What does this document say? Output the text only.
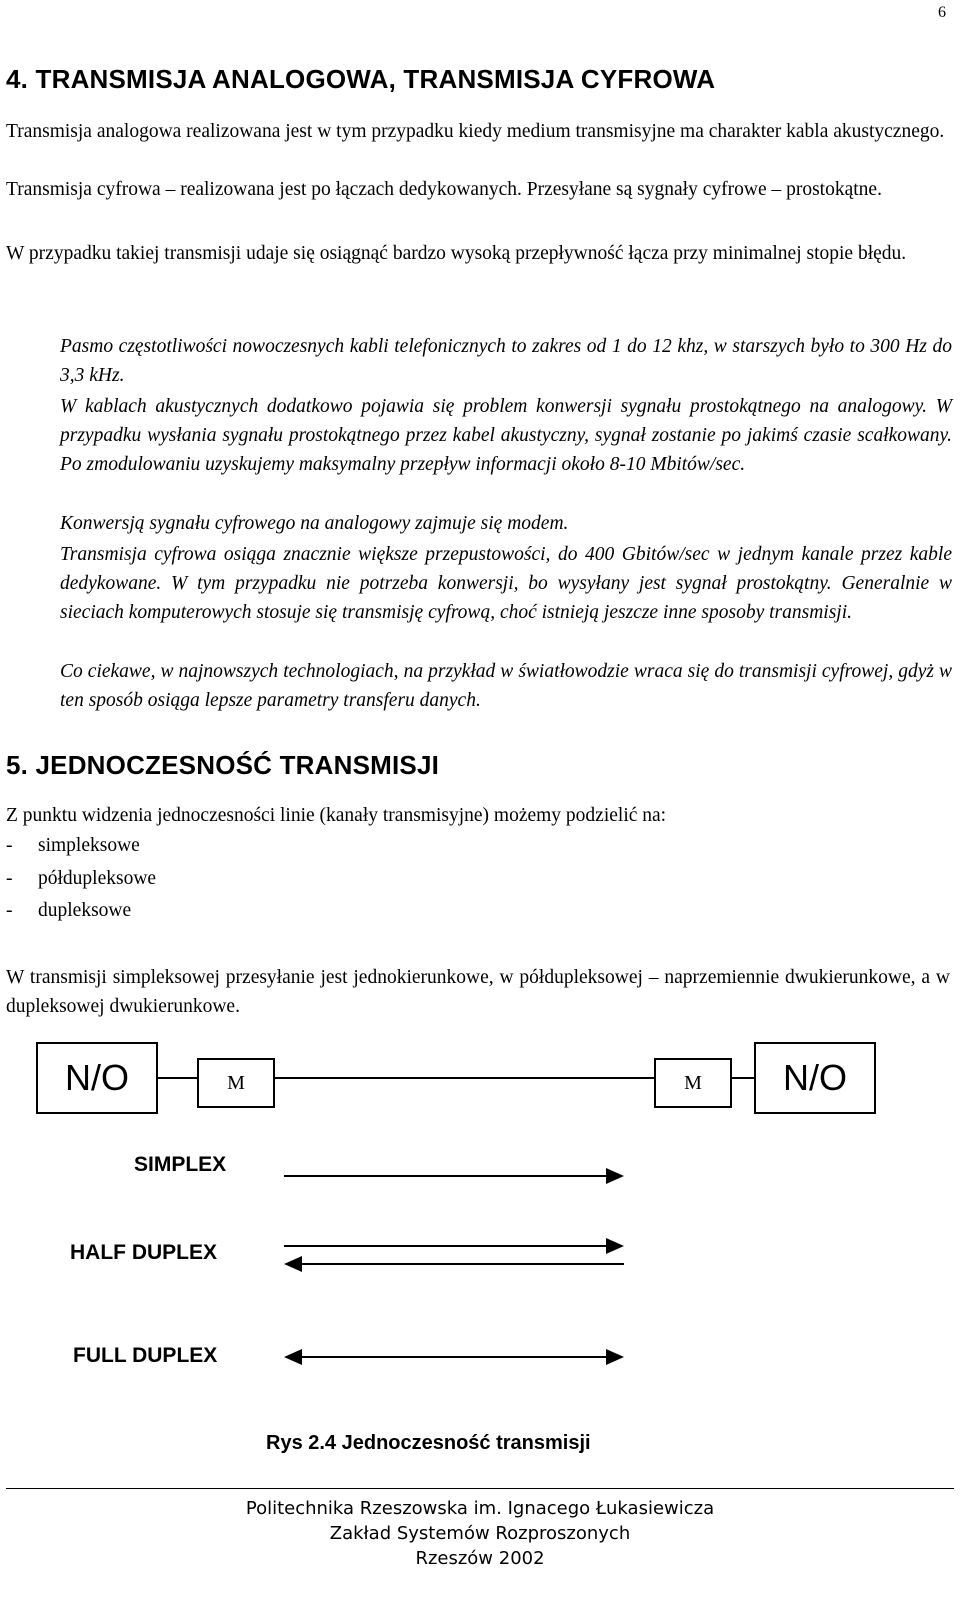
6
4. TRANSMISJA ANALOGOWA, TRANSMISJA CYFROWA

Transmisja analogowa realizowana jest w tym przypadku kiedy medium transmisyjne ma charakter kabla akustycznego.

Transmisja cyfrowa – realizowana jest po łączach dedykowanych. Przesyłane są sygnały cyfrowe – prostokątne.

W przypadku takiej transmisji udaje się osiągnąć bardzo wysoką przepływność łącza przy minimalnej stopie błędu.

Pasmo częstotliwości nowoczesnych kabli telefonicznych to zakres od 1 do 12 khz, w starszych było to 300 Hz do 3,3 kHz.

W kablach akustycznych dodatkowo pojawia się problem konwersji sygnału prostokątnego na analogowy. W przypadku wysłania sygnału prostokątnego przez kabel akustyczny, sygnał zostanie po jakimś czasie scałkowany. Po zmodulowaniu uzyskujemy maksymalny przepływ informacji około 8-10 Mbitów/sec.

Konwersją sygnału cyfrowego na analogowy zajmuje się modem.

Transmisja cyfrowa osiąga znacznie większe przepustowości, do 400 Gbitów/sec w jednym kanale przez kable dedykowane. W tym przypadku nie potrzeba konwersji, bo wysyłany jest sygnał prostokątny. Generalnie w sieciach komputerowych stosuje się transmisję cyfrową, choć istnieją jeszcze inne sposoby transmisji.

Co ciekawe, w najnowszych technologiach, na przykład w światłowodzie wraca się do transmisji cyfrowej, gdyż w ten sposób osiąga lepsze parametry transferu danych.

5. JEDNOCZESNOŚĆ TRANSMISJI

Z punktu widzenia jednoczesności linie (kanały transmisyjne) możemy podzielić na:

- simpleksowe
- półdupleksowe
- dupleksowe

W transmisji simpleksowej przesyłanie jest jednokierunkowe, w półdupleksowej – naprzemiennie dwukierunkowe, a w dupleksowej dwukierunkowe.

N/O	M	M	N/O
SIMPLEX
HALF DUPLEX
FULL DUPLEX
Rys 2.4 Jednoczesność transmisji
Politechnika Rzeszowska im. Ignacego Łukasiewicza
Zakład Systemów Rozproszonych
Rzeszów 2002
